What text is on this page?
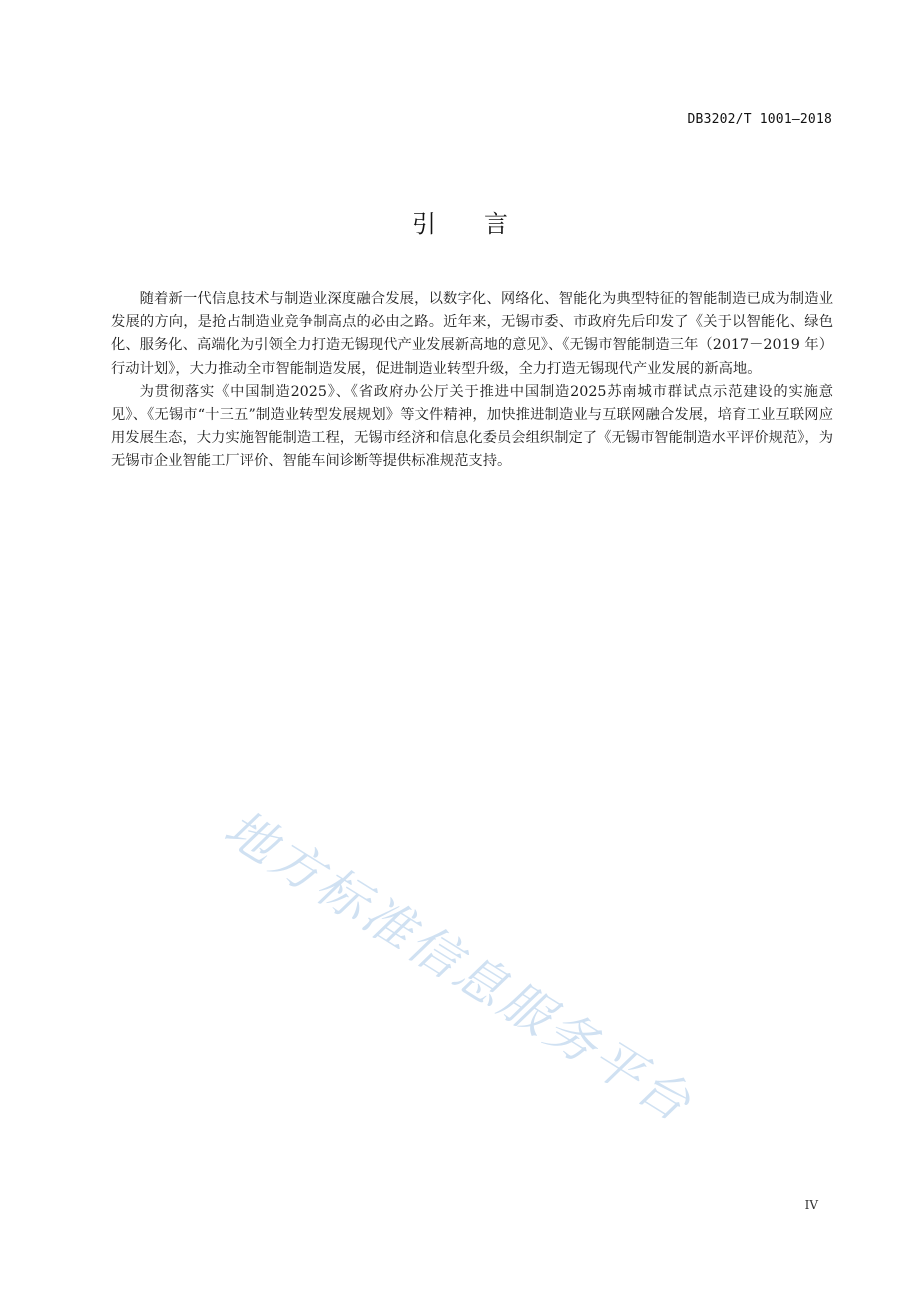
DB3202/T 1001—2018
引言

随着新一代信息技术与制造业深度融合发展，以数字化、网络化、智能化为典型特征的智能制造已成为制造业发展的方向，是抢占制造业竞争制高点的必由之路。近年来，无锡市委、市政府先后印发了《关于以智能化、绿色化、服务化、高端化为引领全力打造无锡现代产业发展新高地的意见》、《无锡市智能制造三年（2017－2019 年）行动计划》，大力推动全市智能制造发展，促进制造业转型升级，全力打造无锡现代产业发展的新高地。

为贯彻落实《中国制造2025》、《省政府办公厅关于推进中国制造2025苏南城市群试点示范建设的实施意见》、《无锡市“十三五”制造业转型发展规划》等文件精神，加快推进制造业与互联网融合发展，培育工业互联网应用发展生态，大力实施智能制造工程，无锡市经济和信息化委员会组织制定了《无锡市智能制造水平评价规范》，为无锡市企业智能工厂评价、智能车间诊断等提供标准规范支持。

地方标准信息服务平台
IV
